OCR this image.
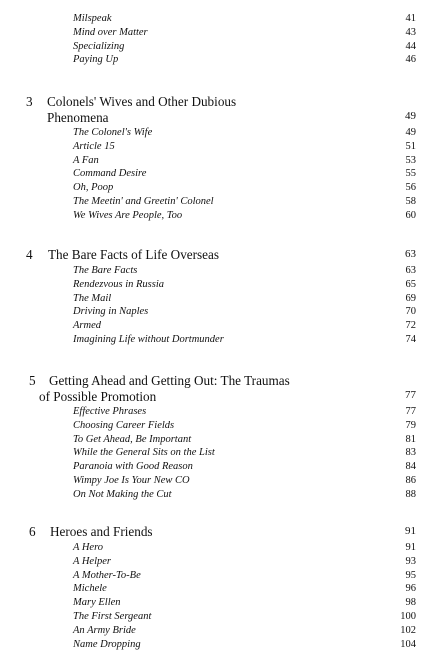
Milspeak	41
Mind over Matter	43
Specializing	44
Paying Up	46
3 Colonels' Wives and Other Dubious
Phenomena	49
The Colonel's Wife	49
Article 15	51
A Fan	53
Command Desire	55
Oh, Poop	56
The Meetin' and Greetin' Colonel	58
We Wives Are People, Too	60
4 The Bare Facts of Life Overseas	63
The Bare Facts	63
Rendezvous in Russia	65
The Mail	69
Driving in Naples	70
Armed	72
Imagining Life without Dortmunder	74
5 Getting Ahead and Getting Out: The Traumas
of Possible Promotion	77
Effective Phrases	77
Choosing Career Fields	79
To Get Ahead, Be Important	81
While the General Sits on the List	83
Paranoia with Good Reason	84
Wimpy Joe Is Your New CO	86
On Not Making the Cut	88
6 Heroes and Friends	91
A Hero	91
A Helper	93
A Mother-To-Be	95
Michele	96
Mary Ellen	98
The First Sergeant	100
An Army Bride	102
Name Dropping	104
